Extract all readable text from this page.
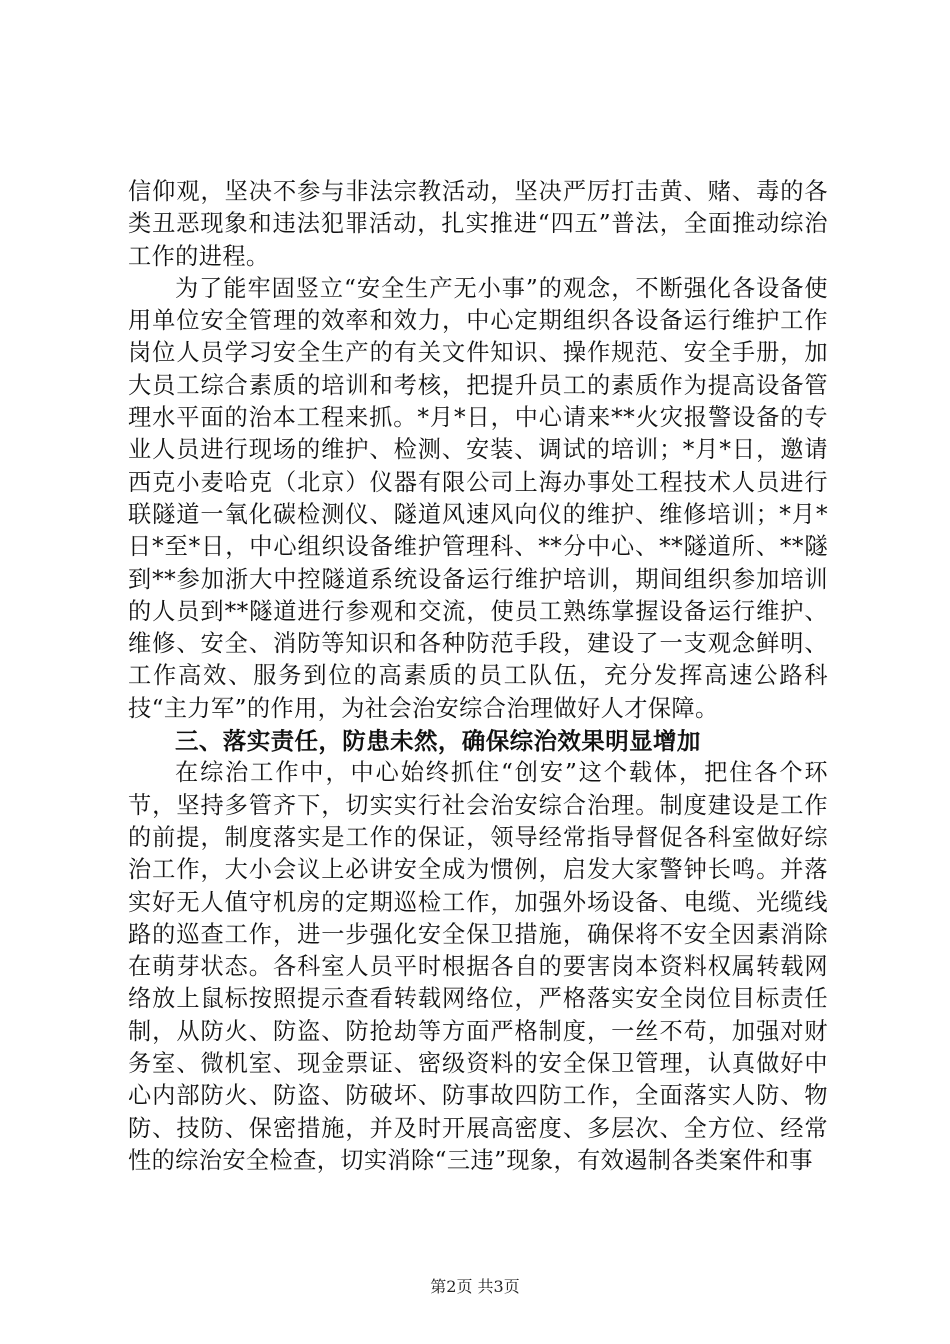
信仰观，坚决不参与非法宗教活动，坚决严厉打击黄、赌、毒的各类丑恶现象和违法犯罪活动，扎实推进“四五”普法，全面推动综治工作的进程。

为了能牢固竖立“安全生产无小事”的观念，不断强化各设备使用单位安全管理的效率和效力，中心定期组织各设备运行维护工作岗位人员学习安全生产的有关文件知识、操作规范、安全手册，加大员工综合素质的培训和考核，把提升员工的素质作为提高设备管理水平面的治本工程来抓。*月*日，中心请来**火灾报警设备的专业人员进行现场的维护、检测、安装、调试的培训；*月*日，邀请西克小麦哈克（北京）仪器有限公司上海办事处工程技术人员进行联隧道一氧化碳检测仪、隧道风速风向仪的维护、维修培训；*月*日*至*日，中心组织设备维护管理科、**分中心、**隧道所、**隧到**参加浙大中控隧道系统设备运行维护培训，期间组织参加培训的人员到**隧道进行参观和交流，使员工熟练掌握设备运行维护、维修、安全、消防等知识和各种防范手段，建设了一支观念鲜明、工作高效、服务到位的高素质的员工队伍，充分发挥高速公路科技“主力军”的作用，为社会治安综合治理做好人才保障。

三、落实责任，防患未然，确保综治效果明显增加

在综治工作中，中心始终抓住“创安”这个载体，把住各个环节，坚持多管齐下，切实实行社会治安综合治理。制度建设是工作的前提，制度落实是工作的保证，领导经常指导督促各科室做好综治工作，大小会议上必讲安全成为惯例，启发大家警钟长鸣。并落实好无人值守机房的定期巡检工作，加强外场设备、电缆、光缆线路的巡查工作，进一步强化安全保卫措施，确保将不安全因素消除在萌芽状态。各科室人员平时根据各自的要害岗本资料权属转载网络放上鼠标按照提示查看转载网络位，严格落实安全岗位目标责任制，从防火、防盗、防抢劫等方面严格制度，一丝不苟，加强对财务室、微机室、现金票证、密级资料的安全保卫管理，认真做好中心内部防火、防盗、防破坏、防事故四防工作，全面落实人防、物防、技防、保密措施，并及时开展高密度、多层次、全方位、经常性的综治安全检查，切实消除“三违”现象，有效遏制各类案件和事

第2页 共3页
